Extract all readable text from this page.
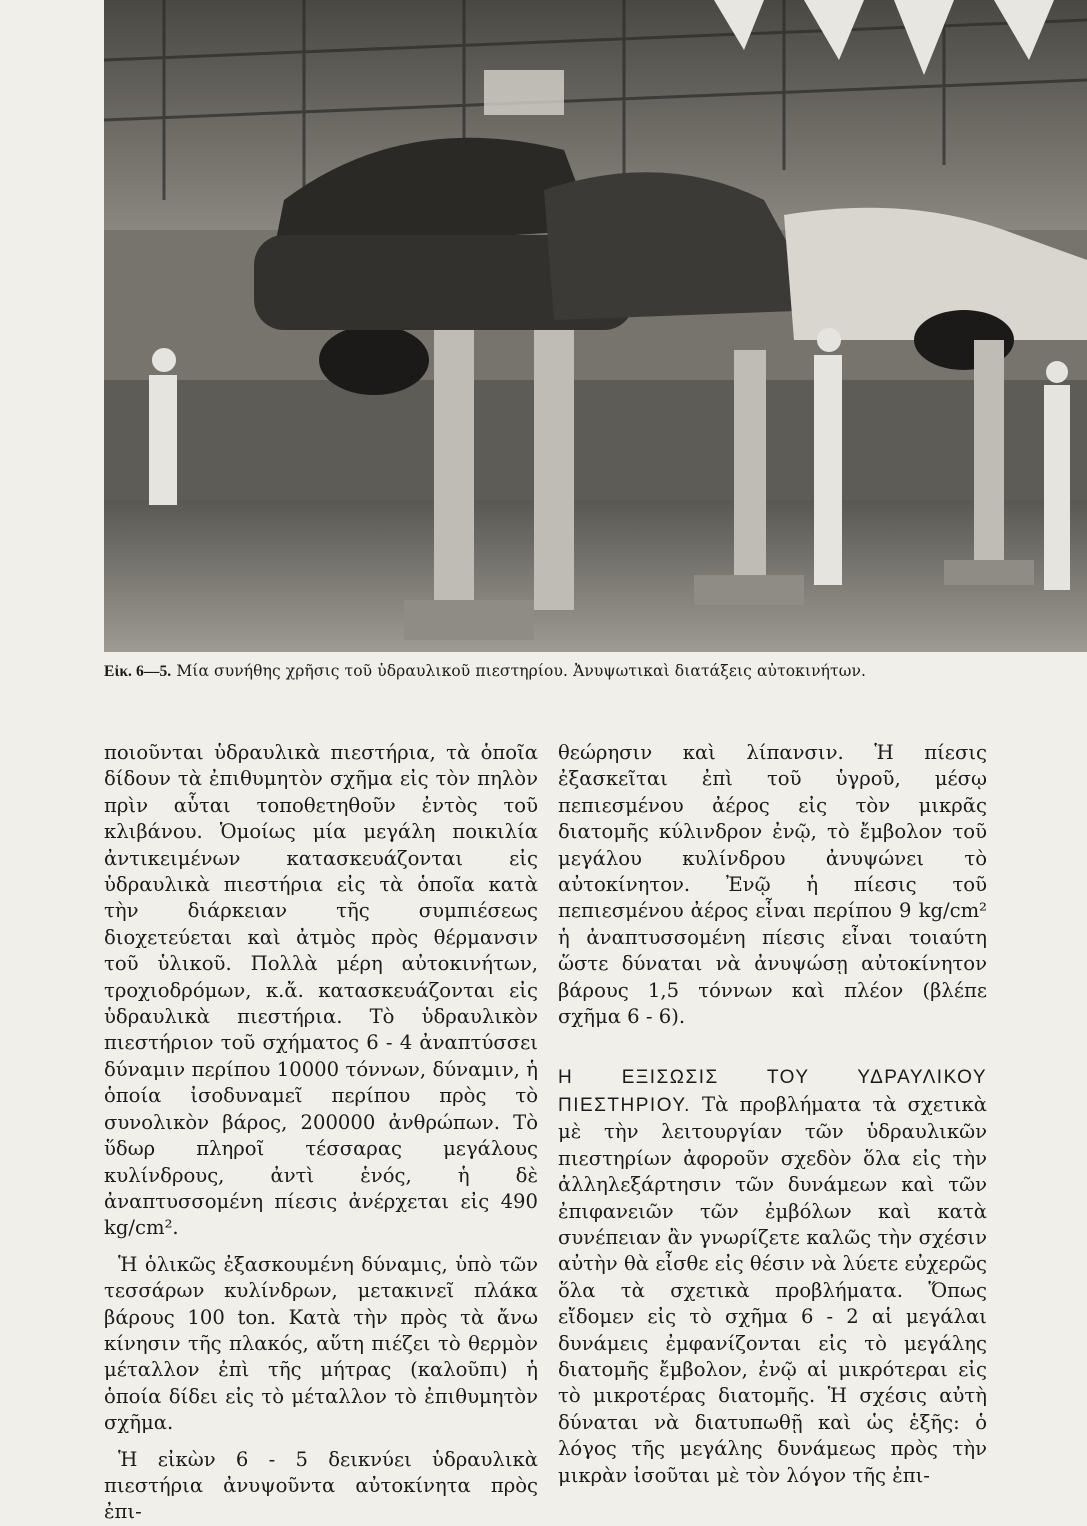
Εἰκ. 6—5. Μία συνήθης χρῆσις τοῦ ὑδραυλικοῦ πιεστηρίου. Ἀνυψωτικαὶ διατάξεις αὐτοκινήτων.

ποιοῦνται ὑδραυλικὰ πιεστήρια, τὰ ὁποῖα δίδουν τὰ ἐπιθυμητὸν σχῆμα εἰς τὸν πηλὸν πρὶν αὗται τοποθετηθοῦν ἐντὸς τοῦ κλιβάνου. Ὁμοίως μία μεγάλη ποικιλία ἀντικειμένων κατασκευάζονται εἰς ὑδραυλικὰ πιεστήρια εἰς τὰ ὁποῖα κατὰ τὴν διάρκειαν τῆς συμπιέσεως διοχετεύεται καὶ ἀτμὸς πρὸς θέρμανσιν τοῦ ὑλικοῦ. Πολλὰ μέρη αὐτοκινήτων, τροχιοδρόμων, κ.ἄ. κατασκευάζονται εἰς ὑδραυλικὰ πιεστήρια. Τὸ ὑδραυλικὸν πιεστήριον τοῦ σχήματος 6 - 4 ἀναπτύσσει δύναμιν περίπου 10000 τόννων, δύναμιν, ἡ ὁποία ἰσοδυναμεῖ περίπου πρὸς τὸ συνολικὸν βάρος, 200000 ἀνθρώπων. Τὸ ὕδωρ πληροῖ τέσσαρας μεγάλους κυλίνδρους, ἀντὶ ἑνός, ἡ δὲ ἀναπτυσσομένη πίεσις ἀνέρχεται εἰς 490 kg/cm².

Ἡ ὁλικῶς ἐξασκουμένη δύναμις, ὑπὸ τῶν τεσσάρων κυλίνδρων, μετακινεῖ πλάκα βάρους 100 ton. Κατὰ τὴν πρὸς τὰ ἄνω κίνησιν τῆς πλακός, αὕτη πιέζει τὸ θερμὸν μέταλλον ἐπὶ τῆς μήτρας (καλοῦπι) ἡ ὁποία δίδει εἰς τὸ μέταλλον τὸ ἐπιθυμητὸν σχῆμα.

Ἡ εἰκὼν 6 - 5 δεικνύει ὑδραυλικὰ πιεστήρια ἀνυψοῦντα αὐτοκίνητα πρὸς ἐπι-

θεώρησιν καὶ λίπανσιν. Ἡ πίεσις ἐξασκεῖται ἐπὶ τοῦ ὑγροῦ, μέσῳ πεπιεσμένου ἀέρος εἰς τὸν μικρᾶς διατομῆς κύλινδρον ἐνῷ, τὸ ἔμβολον τοῦ μεγάλου κυλίνδρου ἀνυψώνει τὸ αὐτοκίνητον. Ἐνῷ ἡ πίεσις τοῦ πεπιεσμένου ἀέρος εἶναι περίπου 9 kg/cm² ἡ ἀναπτυσσομένη πίεσις εἶναι τοιαύτη ὥστε δύναται νὰ ἀνυψώσῃ αὐτοκίνητον βάρους 1,5 τόννων καὶ πλέον (βλέπε σχῆμα 6 - 6).

Η ΕΞΙΣΩΣΙΣ ΤΟΥ ΥΔΡΑΥΛΙΚΟΥ ΠΙΕΣΤΗΡΙΟΥ. Τὰ προβλήματα τὰ σχετικὰ μὲ τὴν λειτουργίαν τῶν ὑδραυλικῶν πιεστηρίων ἀφοροῦν σχεδὸν ὅλα εἰς τὴν ἀλληλεξάρτησιν τῶν δυνάμεων καὶ τῶν ἐπιφανειῶν τῶν ἐμβόλων καὶ κατὰ συνέπειαν ἂν γνωρίζετε καλῶς τὴν σχέσιν αὐτὴν θὰ εἶσθε εἰς θέσιν νὰ λύετε εὐχερῶς ὅλα τὰ σχετικὰ προβλήματα. Ὅπως εἴδομεν εἰς τὸ σχῆμα 6 - 2 αἱ μεγάλαι δυνάμεις ἐμφανίζονται εἰς τὸ μεγάλης διατομῆς ἔμβολον, ἐνῷ αἱ μικρότεραι εἰς τὸ μικροτέρας διατομῆς. Ἡ σχέσις αὐτὴ δύναται νὰ διατυπωθῇ καὶ ὡς ἑξῆς: ὁ λόγος τῆς μεγάλης δυνάμεως πρὸς τὴν μικρὰν ἰσοῦται μὲ τὸν λόγον τῆς ἐπι-
